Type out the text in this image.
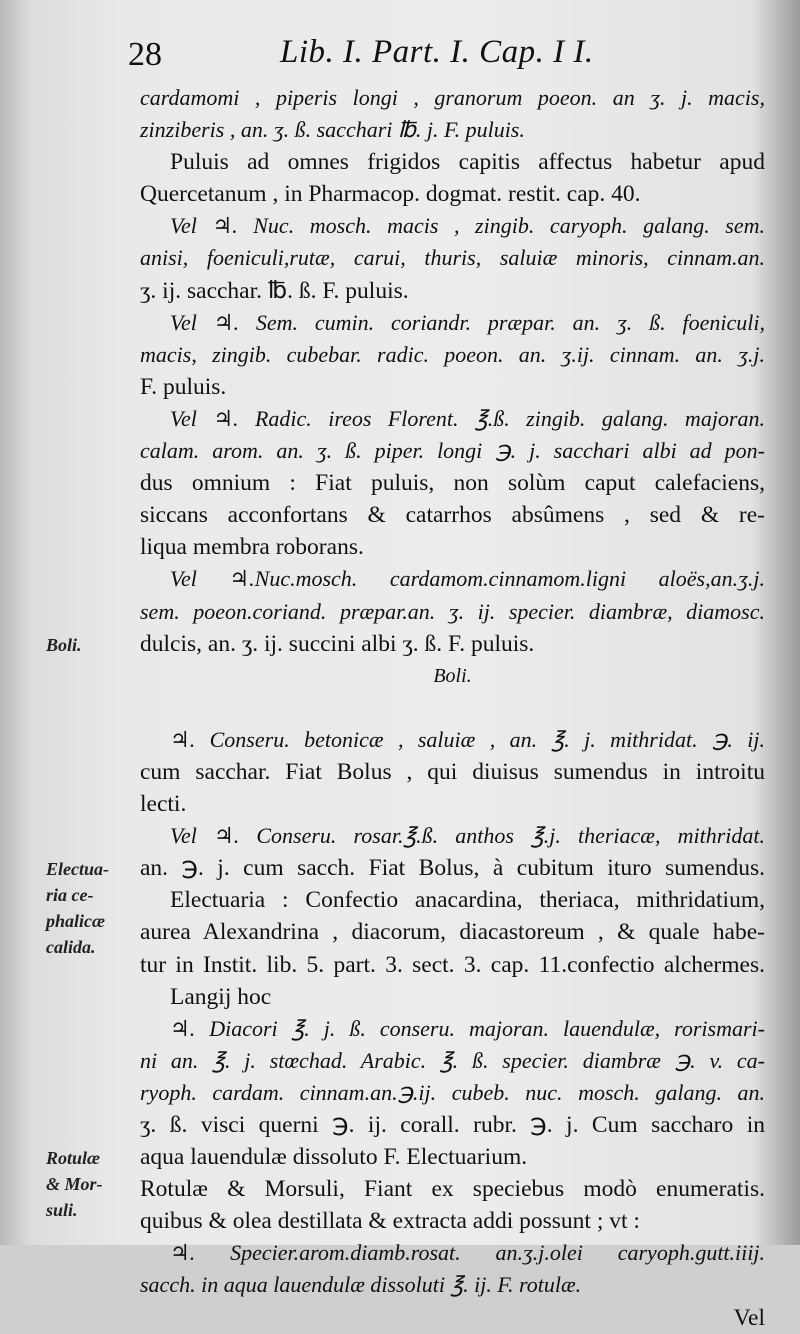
28	Lib. I. Part. I. Cap. I I.
cardamomi , piperis longi , granorum poeon. an ʒ. j. macis,
zinziberis , an. ʒ. ß. sacchari ℔. j. F. puluis.
Puluis ad omnes frigidos capitis affectus habetur apud
Quercetanum , in Pharmacop. dogmat. restit. cap. 40.
Vel ♃. Nuc. mosch. macis , zingib. caryoph. galang. sem.
anisi, foeniculi,rutæ, carui, thuris, saluiæ minoris, cinnam.an.
ʒ. ij. sacchar. ℔. ß. F. puluis.
Vel ♃. Sem. cumin. coriandr. præpar. an. ʒ. ß. foeniculi,
macis, zingib. cubebar. radic. poeon. an. ʒ.ij. cinnam. an. ʒ.j.
F. puluis.
Vel ♃. Radic. ireos Florent. ℥.ß. zingib. galang. majoran.
calam. arom. an. ʒ. ß. piper. longi ℈. j. sacchari albi ad pon-
dus omnium : Fiat puluis, non solùm caput calefaciens,
siccans acconfortans & catarrhos absûmens , sed & re-
liqua membra roborans.
Vel ♃.Nuc.mosch. cardamom.cinnamom.ligni aloës,an.ʒ.j.
sem. poeon.coriand. præpar.an. ʒ. ij. specier. diambræ, diamosc.
dulcis, an. ʒ. ij. succini albi ʒ. ß. F. puluis.
Boli.
♃. Conseru. betonicæ , saluiæ , an. ℥. j. mithridat. ℈. ij.
cum sacchar. Fiat Bolus , qui diuisus sumendus in introitu
lecti.
Vel ♃. Conseru. rosar.℥.ß. anthos ℥.j. theriacæ, mithridat.
an. ℈. j. cum sacch. Fiat Bolus, à cubitum ituro sumendus.
Electuaria : Confectio anacardina, theriaca, mithridatium,
aurea Alexandrina , diacorum, diacastoreum , & quale habe-
tur in Instit. lib. 5. part. 3. sect. 3. cap. 11.confectio alchermes.
Langij hoc
♃. Diacori ℥. j. ß. conseru. majoran. lauendulæ, rorismari-
ni an. ℥. j. stœchad. Arabic. ℥. ß. specier. diambræ ℈. v. ca-
ryoph. cardam. cinnam.an.℈.ij. cubeb. nuc. mosch. galang. an.
ʒ. ß. visci querni ℈. ij. corall. rubr. ℈. j. Cum saccharo in
aqua lauendulæ dissoluto F. Electuarium.
Rotulæ & Morsuli, Fiant ex speciebus modò enumeratis.
quibus & olea destillata & extracta addi possunt ; vt :
♃. Specier.arom.diamb.rosat. an.ʒ.j.olei caryoph.gutt.iiij.
sacch. in aqua lauendulæ dissoluti ℥. ij. F. rotulæ.
Vel
Boli.
Electua-
ria ce-
phalicæ
calida.
Rotulæ
& Mor-
suli.
